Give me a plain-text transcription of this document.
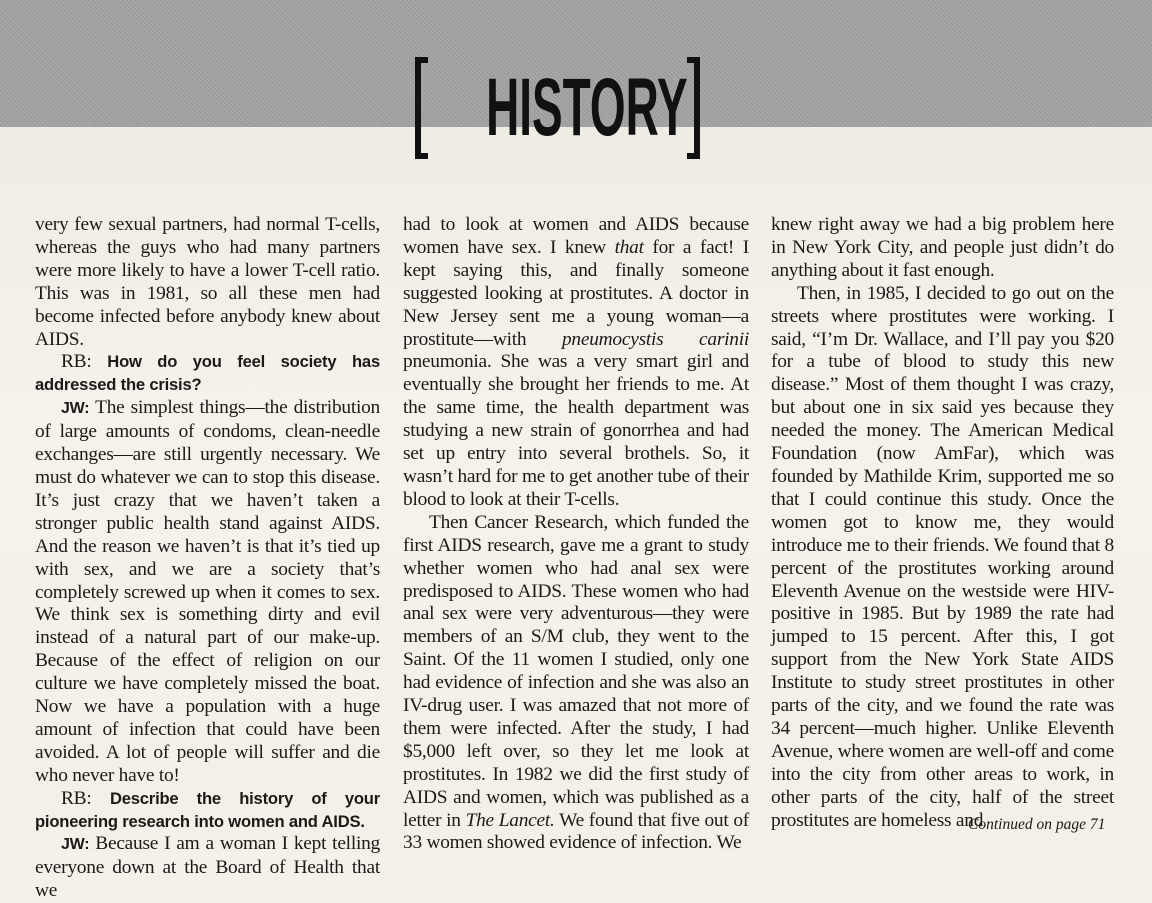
HISTORY

very few sexual partners, had normal T-cells, whereas the guys who had many partners were more likely to have a lower T-cell ratio. This was in 1981, so all these men had become infected before anybody knew about AIDS.

RB: How do you feel society has addressed the crisis?

JW: The simplest things—the distribution of large amounts of condoms, clean-needle exchanges—are still urgently necessary. We must do whatever we can to stop this disease. It’s just crazy that we haven’t taken a stronger public health stand against AIDS. And the reason we haven’t is that it’s tied up with sex, and we are a society that’s completely screwed up when it comes to sex. We think sex is something dirty and evil instead of a natural part of our make-up. Because of the effect of religion on our culture we have completely missed the boat. Now we have a population with a huge amount of infection that could have been avoided. A lot of people will suffer and die who never have to!

RB: Describe the history of your pioneering research into women and AIDS.

JW: Because I am a woman I kept telling everyone down at the Board of Health that we

had to look at women and AIDS because women have sex. I knew that for a fact! I kept saying this, and finally someone suggested looking at prostitutes. A doctor in New Jersey sent me a young woman—a prostitute—with pneumocystis carinii pneumonia. She was a very smart girl and eventually she brought her friends to me. At the same time, the health department was studying a new strain of gonorrhea and had set up entry into several brothels. So, it wasn’t hard for me to get another tube of their blood to look at their T-cells.

Then Cancer Research, which funded the first AIDS research, gave me a grant to study whether women who had anal sex were predisposed to AIDS. These women who had anal sex were very adventurous—they were members of an S/M club, they went to the Saint. Of the 11 women I studied, only one had evidence of infection and she was also an IV-drug user. I was amazed that not more of them were infected. After the study, I had $5,000 left over, so they let me look at prostitutes. In 1982 we did the first study of AIDS and women, which was published as a letter in The Lancet. We found that five out of 33 women showed evidence of infection. We

knew right away we had a big problem here in New York City, and people just didn’t do anything about it fast enough.

Then, in 1985, I decided to go out on the streets where prostitutes were working. I said, “I’m Dr. Wallace, and I’ll pay you $20 for a tube of blood to study this new disease.” Most of them thought I was crazy, but about one in six said yes because they needed the money. The American Medical Foundation (now AmFar), which was founded by Mathilde Krim, supported me so that I could continue this study. Once the women got to know me, they would introduce me to their friends. We found that 8 percent of the prostitutes working around Eleventh Avenue on the westside were HIV-positive in 1985. But by 1989 the rate had jumped to 15 percent. After this, I got support from the New York State AIDS Institute to study street prostitutes in other parts of the city, and we found the rate was 34 percent—much higher. Unlike Eleventh Avenue, where women are well-off and come into the city from other areas to work, in other parts of the city, half of the street prostitutes are homeless and

Continued on page 71
